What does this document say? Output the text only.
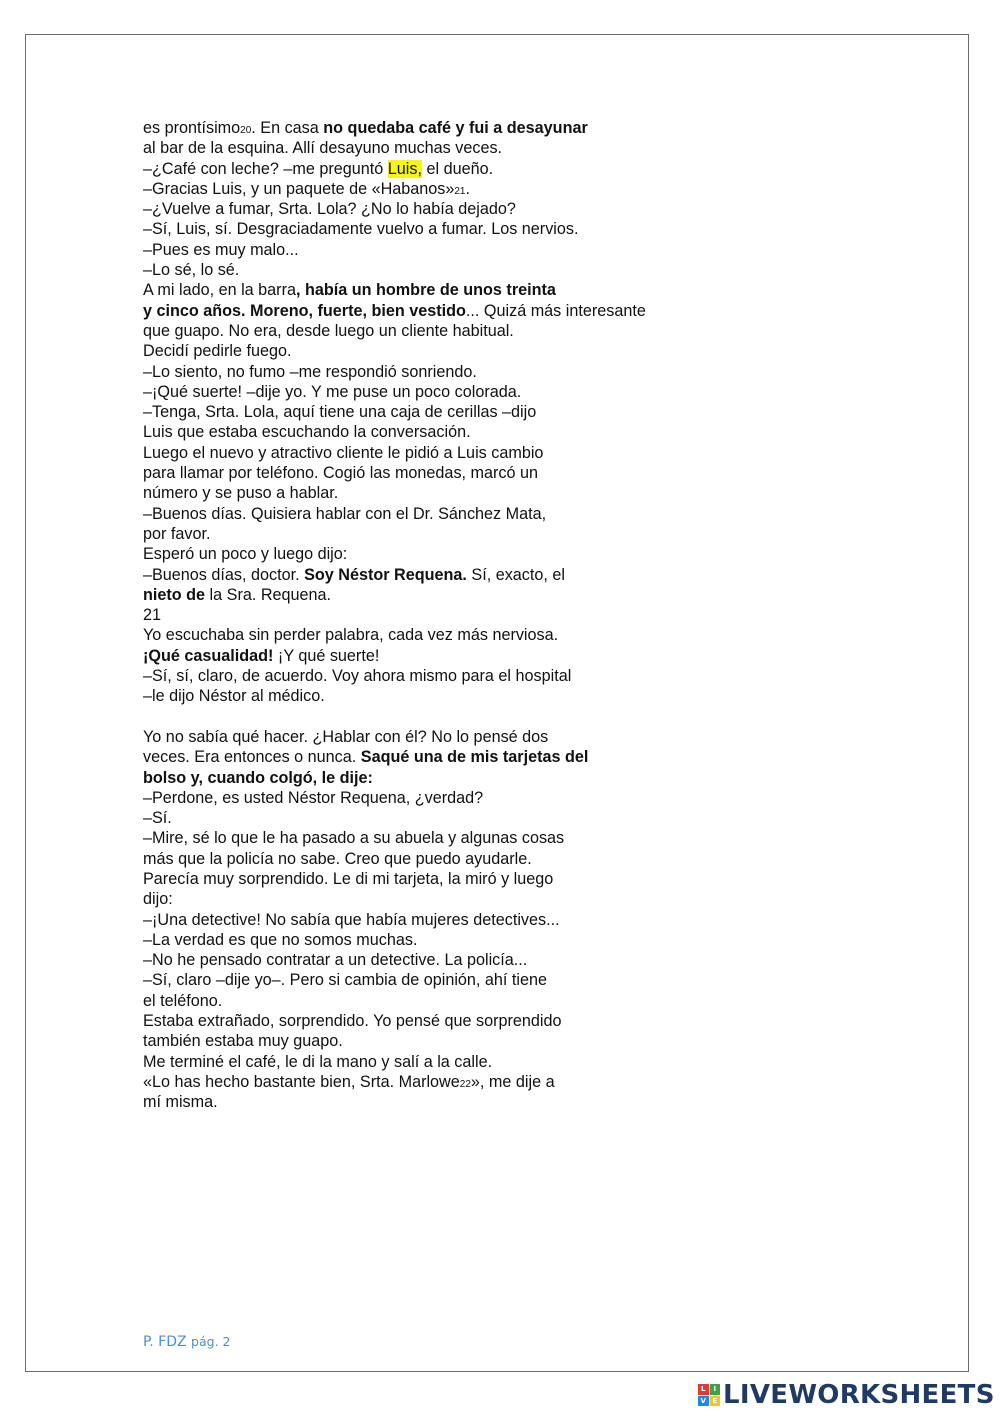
es prontísimo20. En casa no quedaba café y fui a desayunar
al bar de la esquina. Allí desayuno muchas veces.
–¿Café con leche? –me preguntó Luis, el dueño.
–Gracias Luis, y un paquete de «Habanos»21.
–¿Vuelve a fumar, Srta. Lola? ¿No lo había dejado?
–Sí, Luis, sí. Desgraciadamente vuelvo a fumar. Los nervios.
–Pues es muy malo...
–Lo sé, lo sé.
A mi lado, en la barra, había un hombre de unos treinta
y cinco años. Moreno, fuerte, bien vestido... Quizá más interesante
que guapo. No era, desde luego un cliente habitual.
Decidí pedirle fuego.
–Lo siento, no fumo –me respondió sonriendo.
–¡Qué suerte! –dije yo. Y me puse un poco colorada.
–Tenga, Srta. Lola, aquí tiene una caja de cerillas –dijo
Luis que estaba escuchando la conversación.
Luego el nuevo y atractivo cliente le pidió a Luis cambio
para llamar por teléfono. Cogió las monedas, marcó un
número y se puso a hablar.
–Buenos días. Quisiera hablar con el Dr. Sánchez Mata,
por favor.
Esperó un poco y luego dijo:
–Buenos días, doctor. Soy Néstor Requena. Sí, exacto, el
nieto de la Sra. Requena.
21
Yo escuchaba sin perder palabra, cada vez más nerviosa.
¡Qué casualidad! ¡Y qué suerte!
–Sí, sí, claro, de acuerdo. Voy ahora mismo para el hospital
–le dijo Néstor al médico.
Yo no sabía qué hacer. ¿Hablar con él? No lo pensé dos
veces. Era entonces o nunca. Saqué una de mis tarjetas del
bolso y, cuando colgó, le dije:
–Perdone, es usted Néstor Requena, ¿verdad?
–Sí.
–Mire, sé lo que le ha pasado a su abuela y algunas cosas
más que la policía no sabe. Creo que puedo ayudarle.
Parecía muy sorprendido. Le di mi tarjeta, la miró y luego
dijo:
–¡Una detective! No sabía que había mujeres detectives...
–La verdad es que no somos muchas.
–No he pensado contratar a un detective. La policía...
–Sí, claro –dije yo–. Pero si cambia de opinión, ahí tiene
el teléfono.
Estaba extrañado, sorprendido. Yo pensé que sorprendido
también estaba muy guapo.
Me terminé el café, le di la mano y salí a la calle.
«Lo has hecho bastante bien, Srta. Marlowe22», me dije a
mí misma.
P. FDZ pág. 2
L	I
V E LIVEWORKSHEETS
